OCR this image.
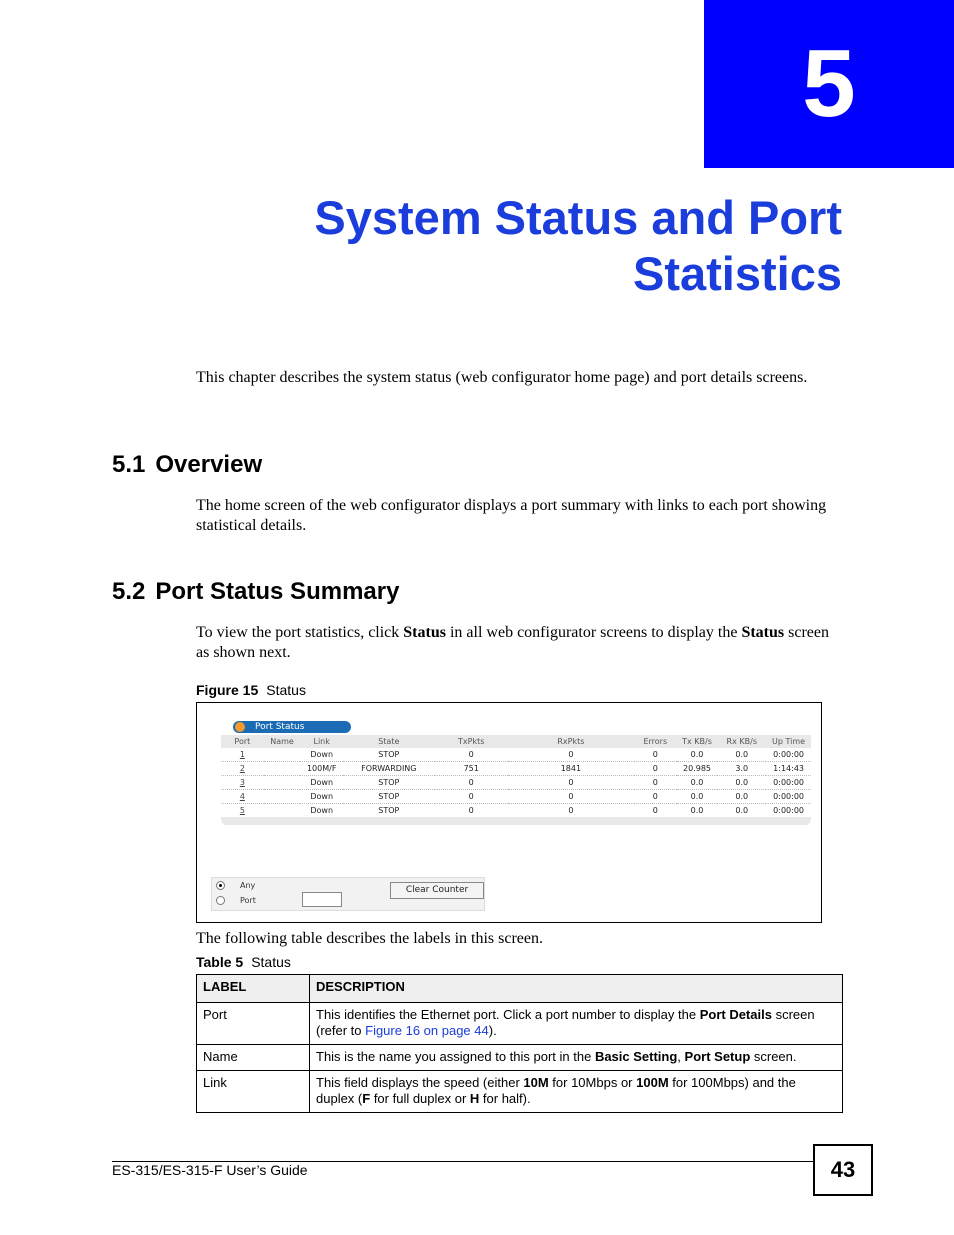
5
System Status and Port
Statistics
This chapter describes the system status (web configurator home page) and port details screens.
5.1 Overview
The home screen of the web configurator displays a port summary with links to each port showing statistical details.
5.2 Port Status Summary
To view the port statistics, click Status in all web configurator screens to display the Status screen as shown next.
Figure 15 Status
Port Status
Port	Name	Link	State	TxPkts	RxPkts	Errors	Tx KB/s	Rx KB/s	Up Time
1		Down	STOP	0	0	0	0.0	0.0	0:00:00
2		100M/F	FORWARDING	751	1841	0	20.985	3.0	1:14:43
3		Down	STOP	0	0	0	0.0	0.0	0:00:00
4		Down	STOP	0	0	0	0.0	0.0	0:00:00
5		Down	STOP	0	0	0	0.0	0.0	0:00:00
Any
Port
Clear Counter
The following table describes the labels in this screen.
Table 5 Status
LABEL	DESCRIPTION
Port	This identifies the Ethernet port. Click a port number to display the Port Details screen (refer to Figure 16 on page 44).
Name	This is the name you assigned to this port in the Basic Setting, Port Setup screen.
Link	This field displays the speed (either 10M for 10Mbps or 100M for 100Mbps) and the duplex (F for full duplex or H for half).
ES-315/ES-315-F User’s Guide	43
